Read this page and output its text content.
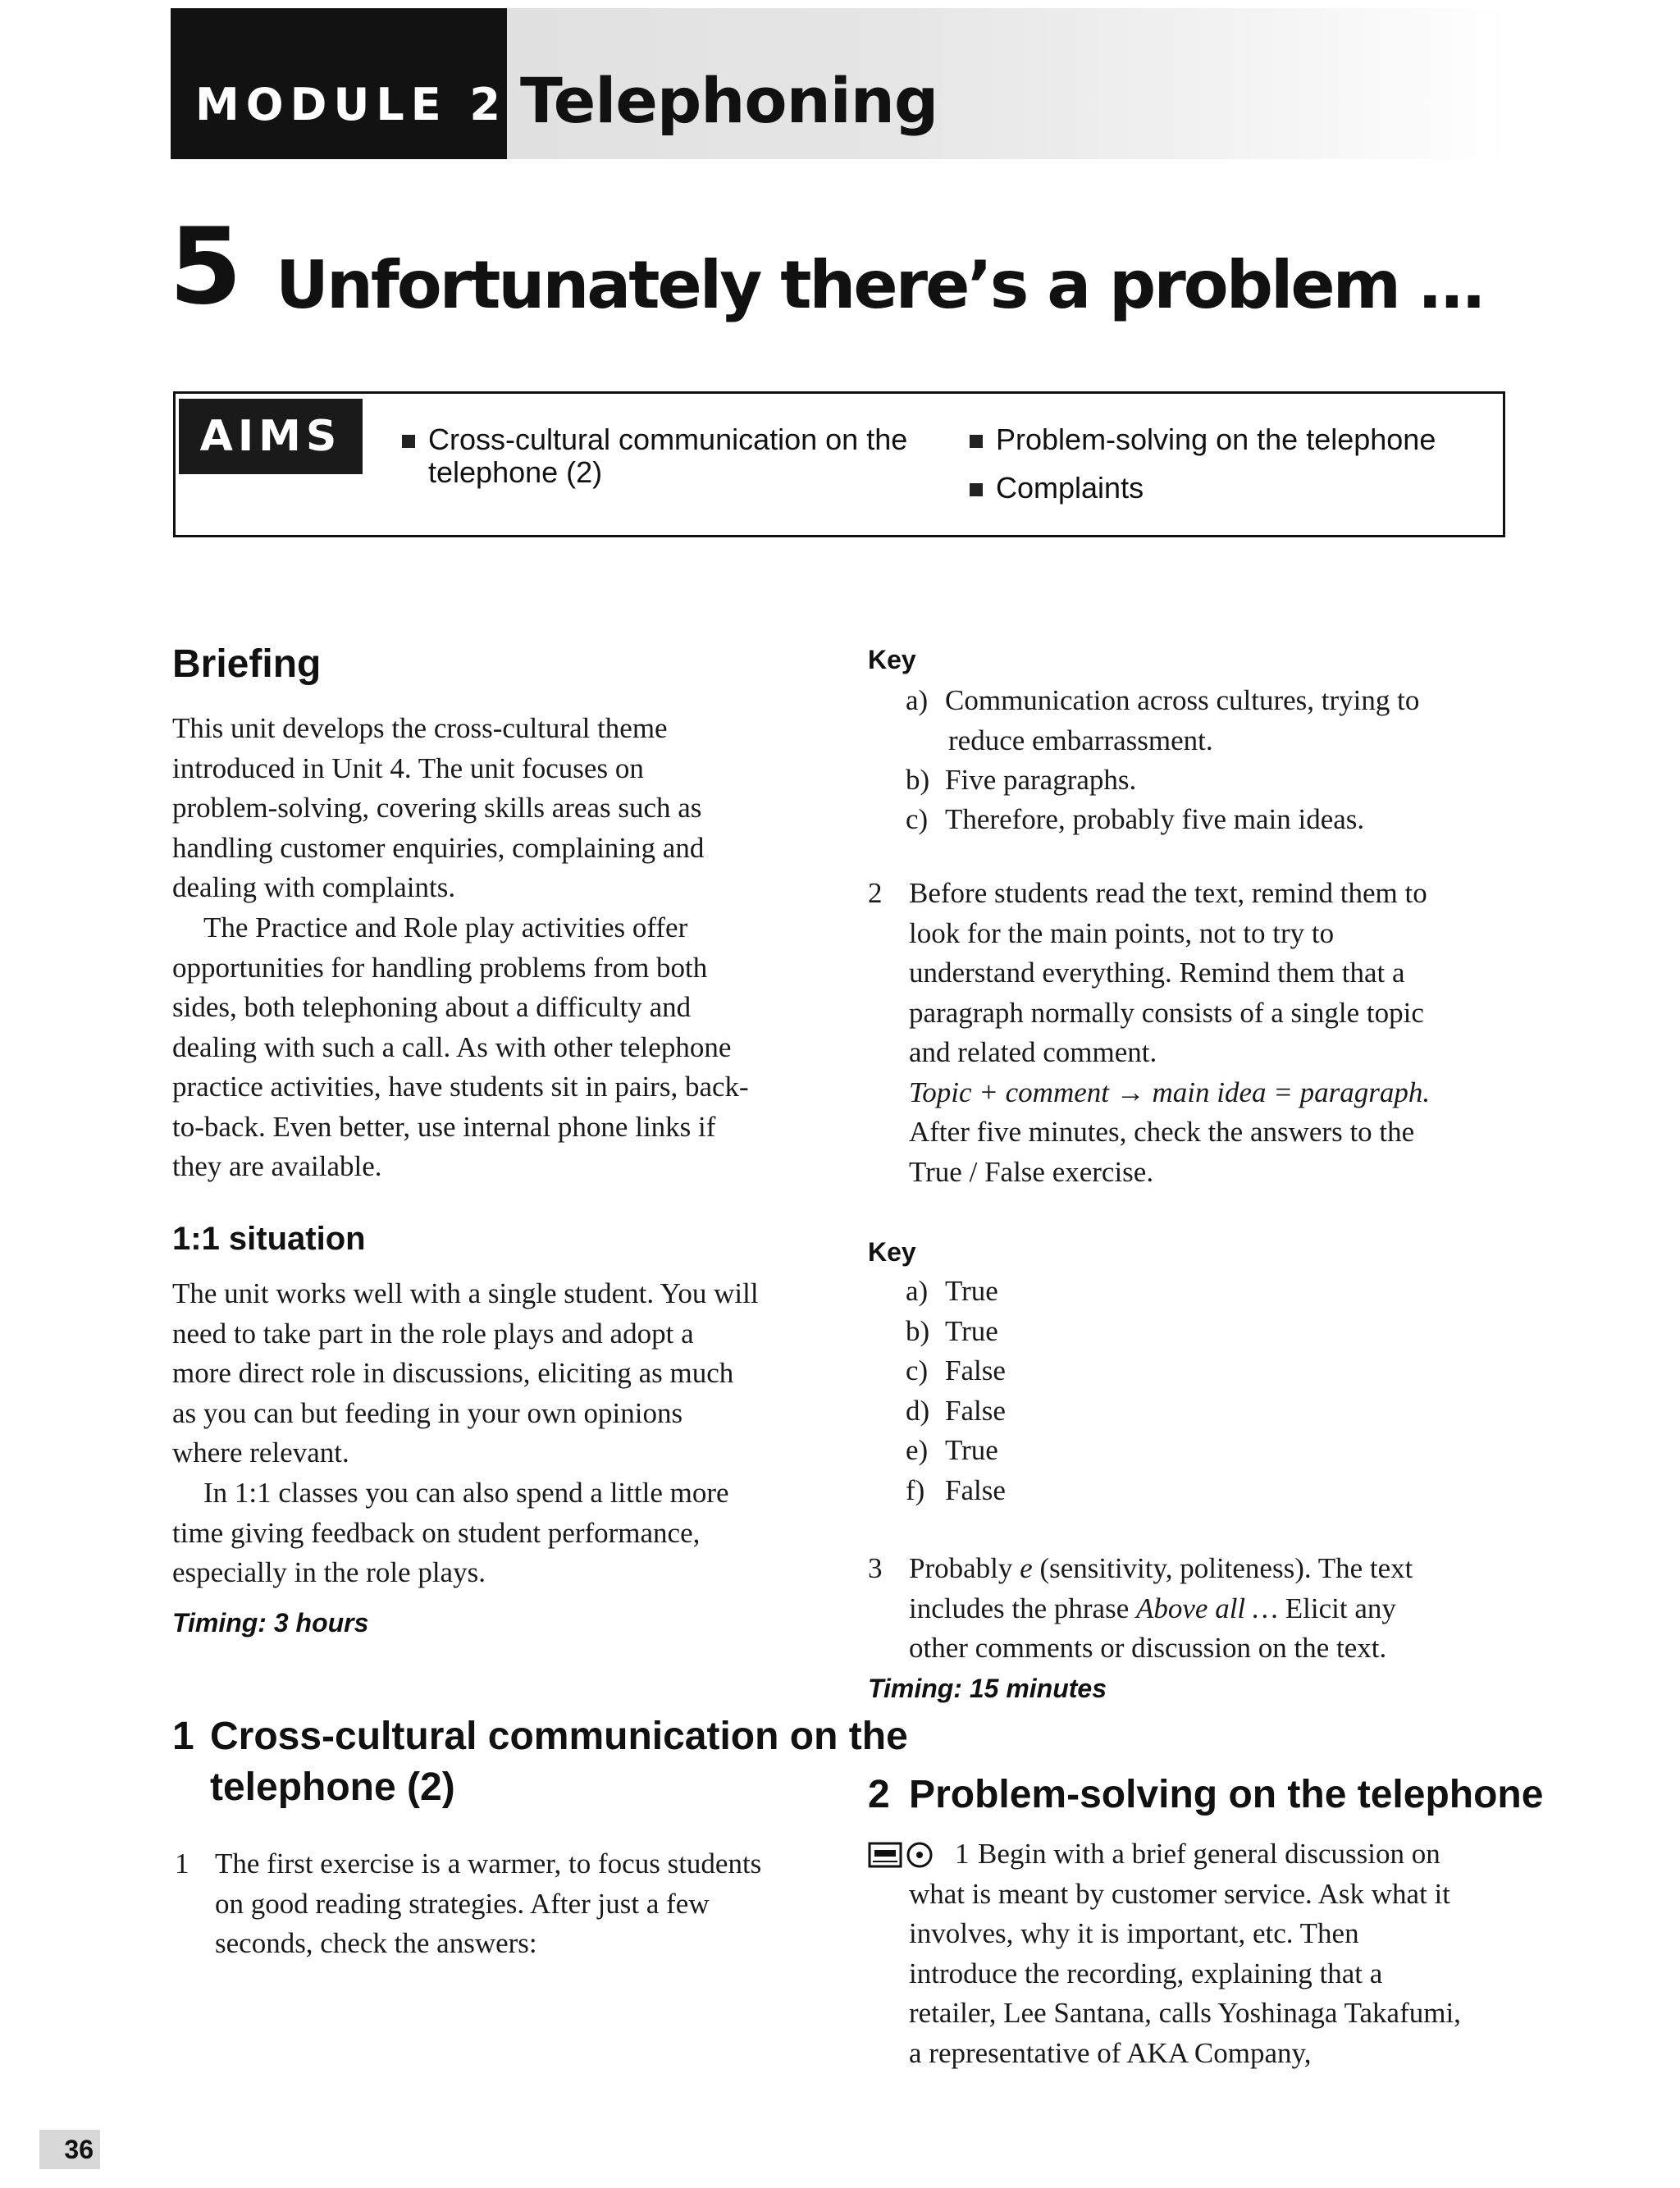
MODULE 2 Telephoning
5 Unfortunately there’s a problem …
AIMS	Cross-cultural communication on the telephone (2)
Problem-solving on the telephone
Complaints
Briefing
This unit develops the cross-cultural theme
introduced in Unit 4. The unit focuses on
problem-solving, covering skills areas such as
handling customer enquiries, complaining and
dealing with complaints.
The Practice and Role play activities offer
opportunities for handling problems from both
sides, both telephoning about a difficulty and
dealing with such a call. As with other telephone
practice activities, have students sit in pairs, back-
to-back. Even better, use internal phone links if
they are available.
1:1 situation
The unit works well with a single student. You will
need to take part in the role plays and adopt a
more direct role in discussions, eliciting as much
as you can but feeding in your own opinions
where relevant.
In 1:1 classes you can also spend a little more
time giving feedback on student performance,
especially in the role plays.
Timing: 3 hours
1 Cross-cultural communication on the
telephone (2)
1 The first exercise is a warmer, to focus students
on good reading strategies. After just a few
seconds, check the answers:
Key
a) Communication across cultures, trying to
reduce embarrassment.
b) Five paragraphs.
c) Therefore, probably five main ideas.
2 Before students read the text, remind them to
look for the main points, not to try to
understand everything. Remind them that a
paragraph normally consists of a single topic
and related comment.
Topic + comment → main idea = paragraph.
After five minutes, check the answers to the
True / False exercise.
Key
a) True
b) True
c) False
d) False
e) True
f) False
3 Probably e (sensitivity, politeness). The text
includes the phrase Above all … Elicit any
other comments or discussion on the text.
Timing: 15 minutes
2 Problem-solving on the telephone
1 Begin with a brief general discussion on
what is meant by customer service. Ask what it
involves, why it is important, etc. Then
introduce the recording, explaining that a
retailer, Lee Santana, calls Yoshinaga Takafumi,
a representative of AKA Company,
36
